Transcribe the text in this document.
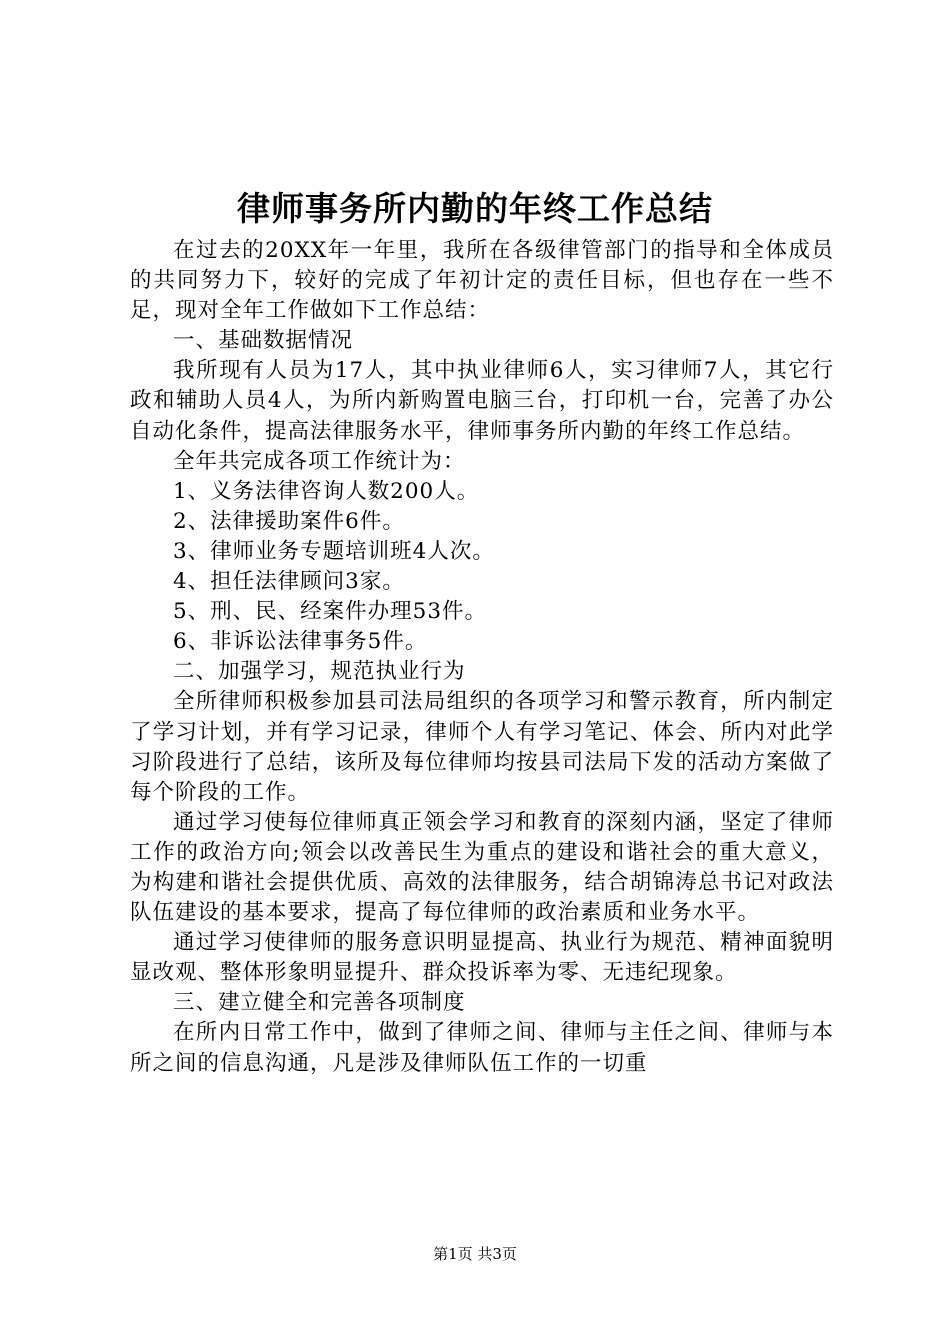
律师事务所内勤的年终工作总结

在过去的20XX年一年里，我所在各级律管部门的指导和全体成员的共同努力下，较好的完成了年初计定的责任目标，但也存在一些不足，现对全年工作做如下工作总结：

一、基础数据情况

我所现有人员为17人，其中执业律师6人，实习律师7人，其它行政和辅助人员4人，为所内新购置电脑三台，打印机一台，完善了办公自动化条件，提高法律服务水平，律师事务所内勤的年终工作总结。

全年共完成各项工作统计为：

1、义务法律咨询人数200人。

2、法律援助案件6件。

3、律师业务专题培训班4人次。

4、担任法律顾问3家。

5、刑、民、经案件办理53件。

6、非诉讼法律事务5件。

二、加强学习，规范执业行为

全所律师积极参加县司法局组织的各项学习和警示教育，所内制定了学习计划，并有学习记录，律师个人有学习笔记、体会、所内对此学习阶段进行了总结，该所及每位律师均按县司法局下发的活动方案做了每个阶段的工作。

通过学习使每位律师真正领会学习和教育的深刻内涵，坚定了律师工作的政治方向;领会以改善民生为重点的建设和谐社会的重大意义，为构建和谐社会提供优质、高效的法律服务，结合胡锦涛总书记对政法队伍建设的基本要求，提高了每位律师的政治素质和业务水平。

通过学习使律师的服务意识明显提高、执业行为规范、精神面貌明显改观、整体形象明显提升、群众投诉率为零、无违纪现象。

三、建立健全和完善各项制度

在所内日常工作中，做到了律师之间、律师与主任之间、律师与本所之间的信息沟通，凡是涉及律师队伍工作的一切重

第1页 共3页
